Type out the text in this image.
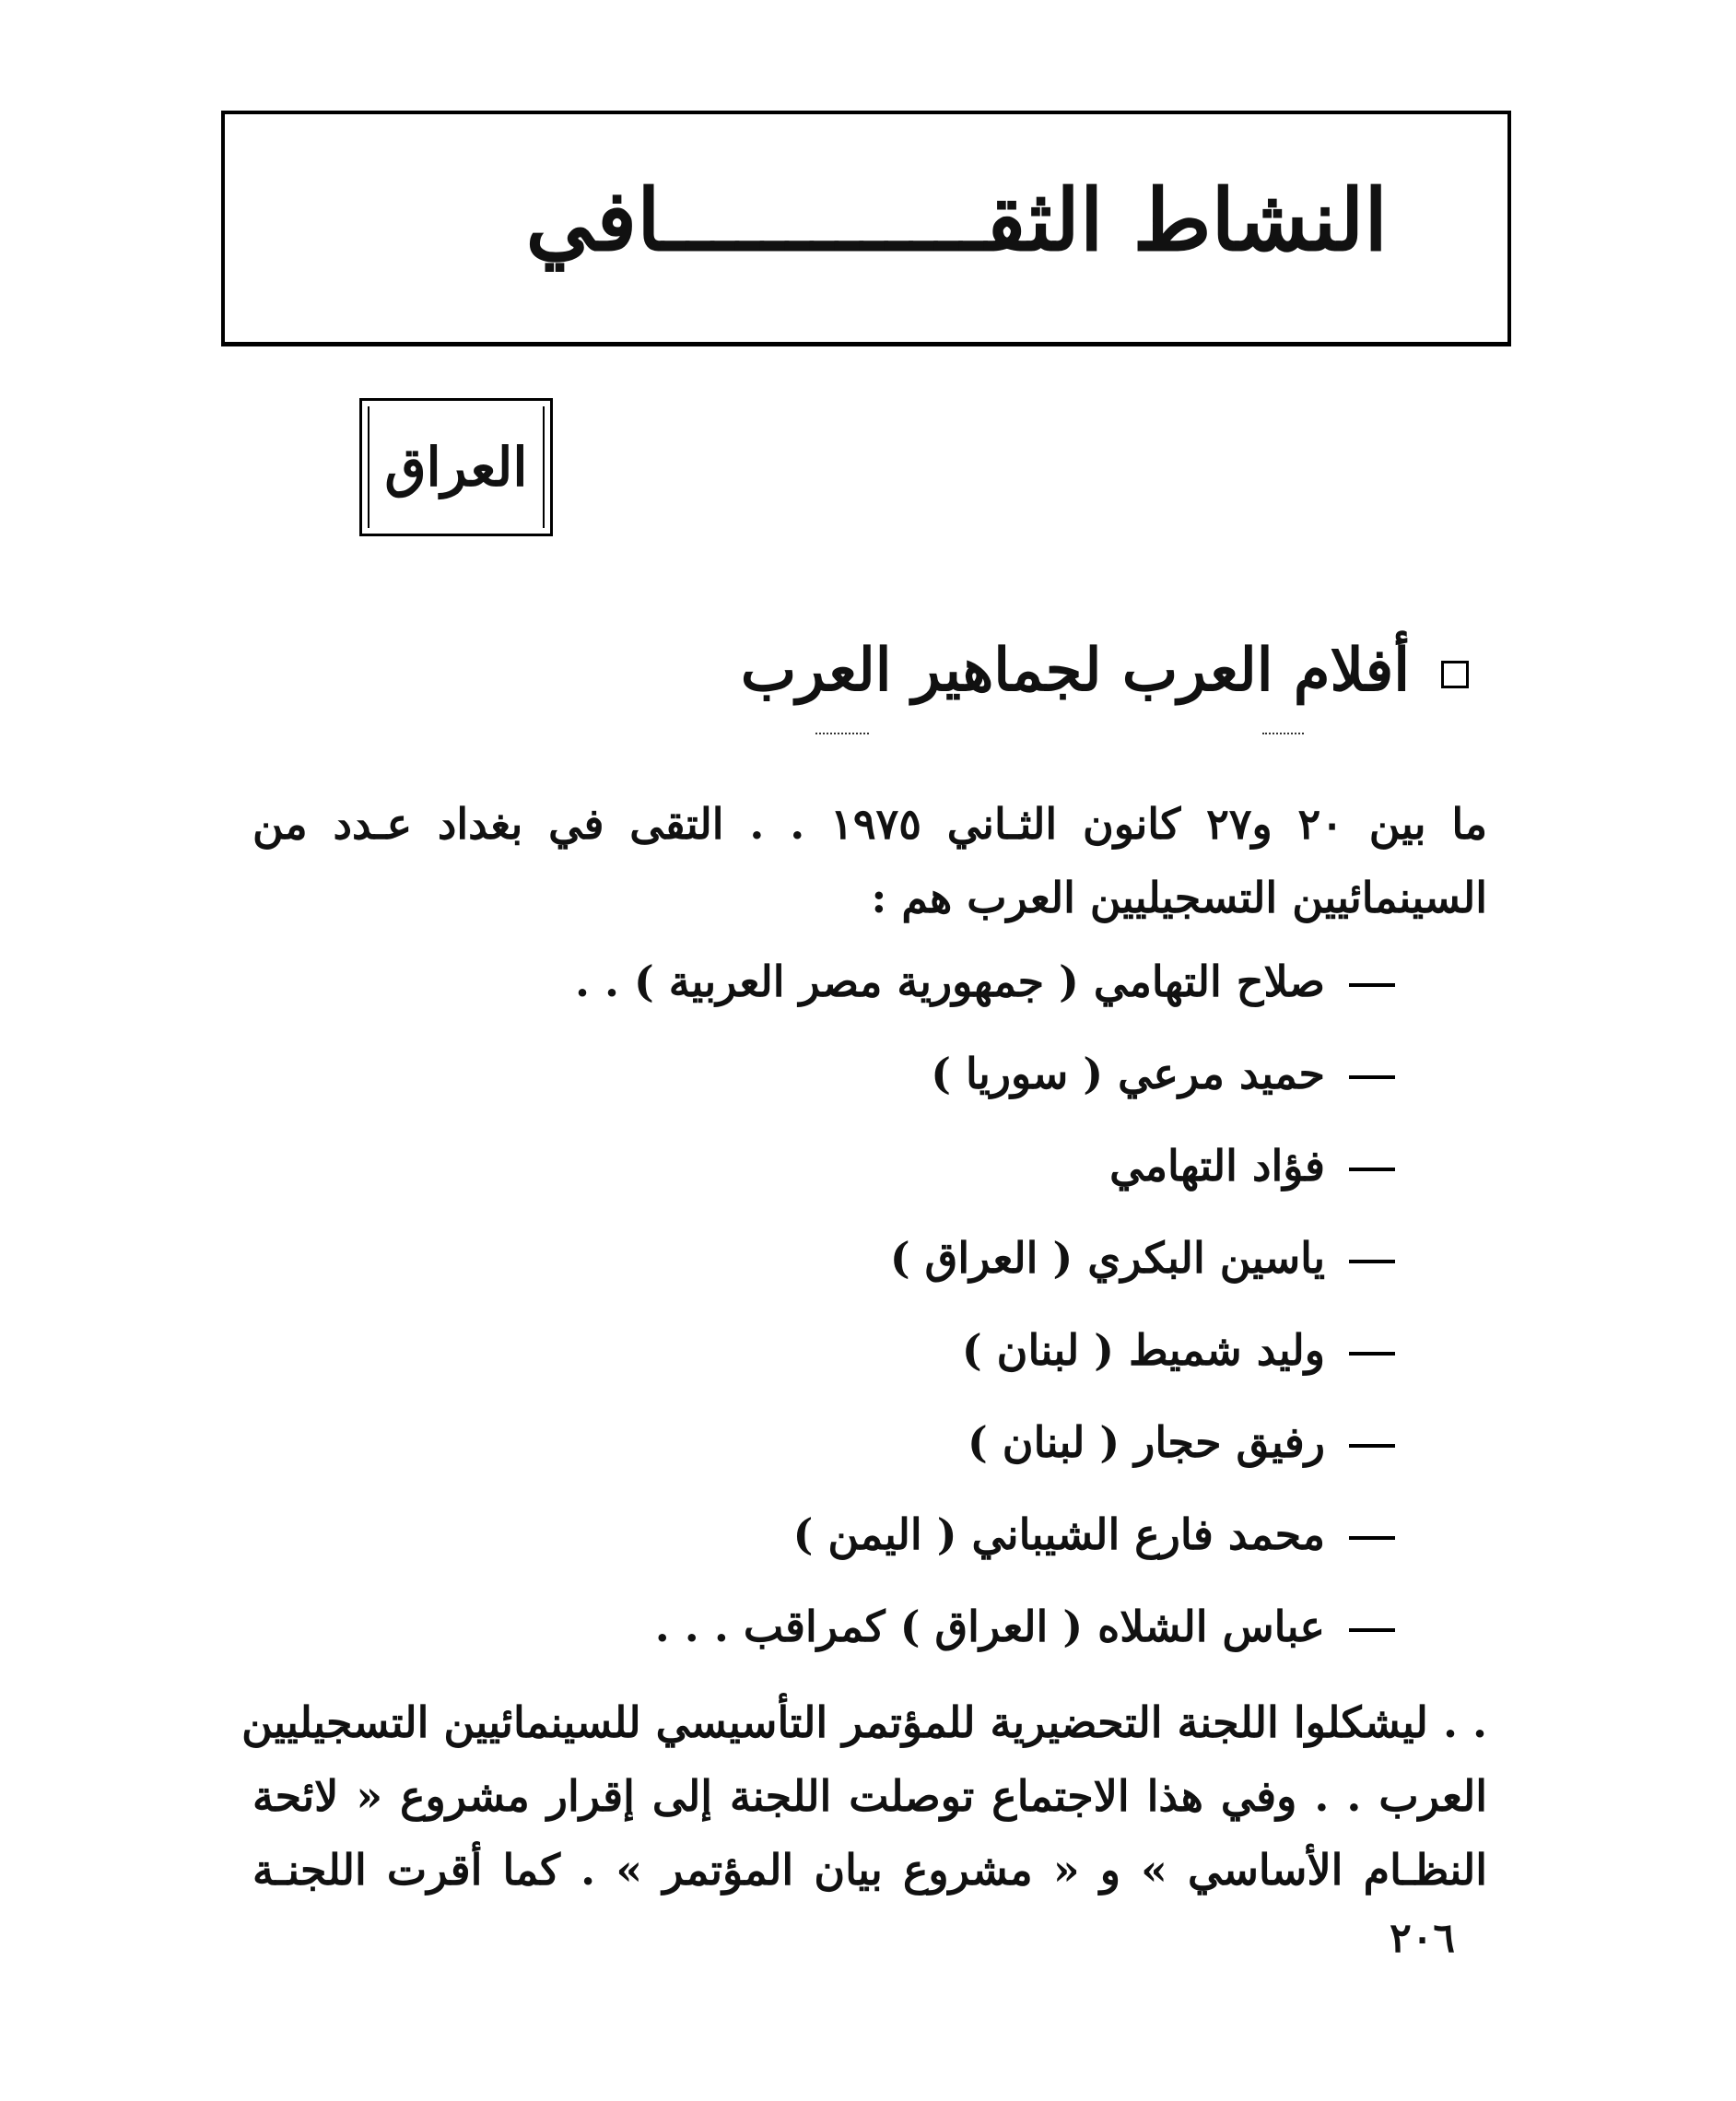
النشاط الثقـــــــــــــافي
العراق
أفلام العرب لجماهير العرب
ما بين ٢٠ و٢٧ كانون الثـاني ١٩٧٥ . . التقى في بغداد عـدد من
السينمائيين التسجيليين العرب هم :
صلاح التهامي ( جمهورية مصر العربية ) . .
حميد مرعي ( سوريا )
فؤاد التهامي
ياسين البكري ( العراق )
وليد شميط ( لبنان )
رفيق حجار ( لبنان )
محمد فارع الشيباني ( اليمن )
عباس الشلاه ( العراق ) كمراقب . . .
. . ليشكلوا اللجنة التحضيرية للمؤتمر التأسيسي للسينمائيين التسجيليين
العرب . . وفي هذا الاجتماع توصلت اللجنة إلى إقرار مشروع « لائحة
النظـام الأساسي » و « مشروع بيان المؤتمر » . كما أقرت اللجنـة
٢٠٦
